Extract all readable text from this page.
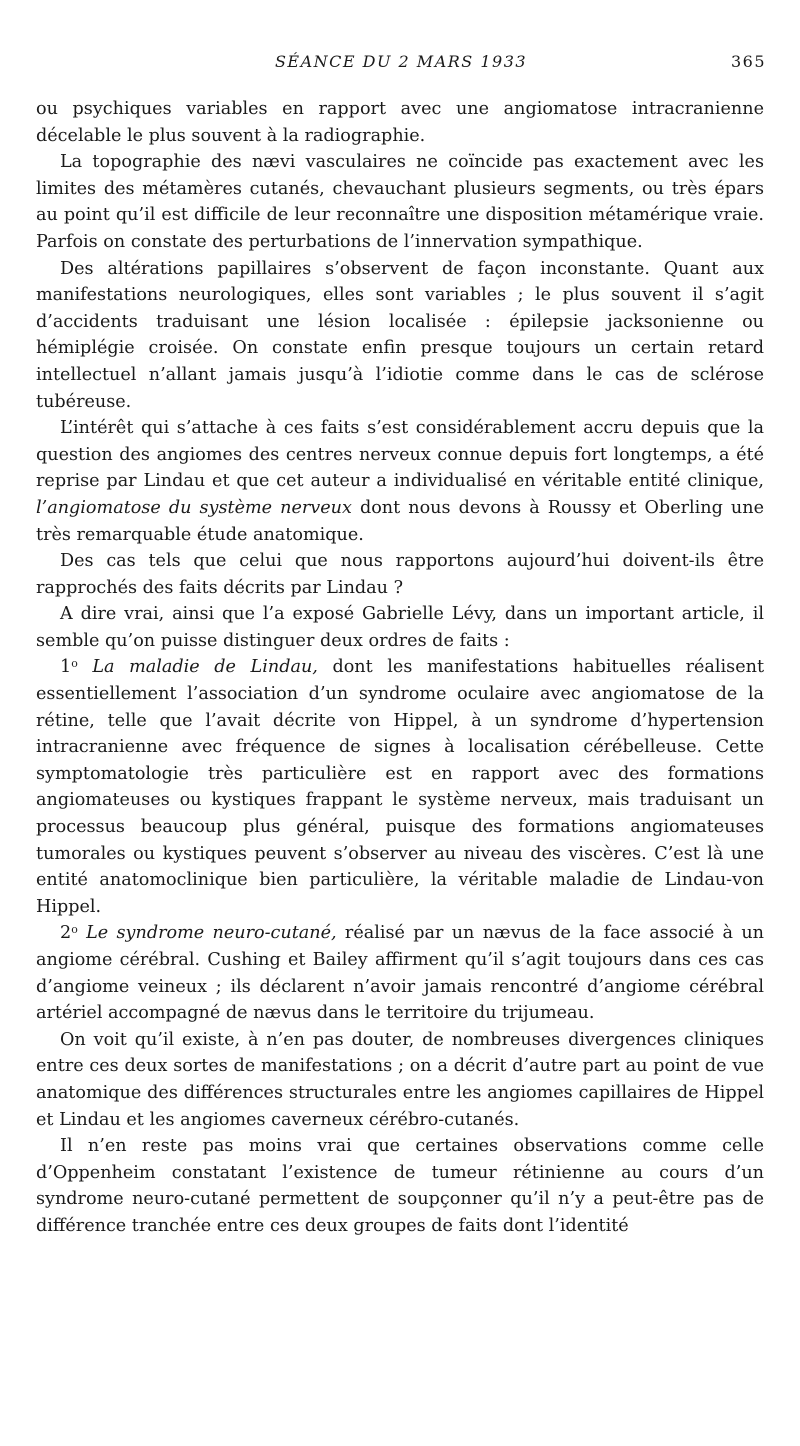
SÉANCE DU 2 MARS 1933	365

ou psychiques variables en rapport avec une angiomatose intracranienne décelable le plus souvent à la radiographie.

La topographie des nævi vasculaires ne coïncide pas exactement avec les limites des métamères cutanés, chevauchant plusieurs segments, ou très épars au point qu’il est difficile de leur reconnaître une disposition métamérique vraie. Parfois on constate des perturbations de l’innervation sympathique.

Des altérations papillaires s’observent de façon inconstante. Quant aux manifestations neurologiques, elles sont variables ; le plus souvent il s’agit d’accidents traduisant une lésion localisée : épilepsie jacksonienne ou hémiplégie croisée. On constate enfin presque toujours un certain retard intellectuel n’allant jamais jusqu’à l’idiotie comme dans le cas de sclérose tubéreuse.

L’intérêt qui s’attache à ces faits s’est considérablement accru depuis que la question des angiomes des centres nerveux connue depuis fort longtemps, a été reprise par Lindau et que cet auteur a individualisé en véritable entité clinique, l’angiomatose du système nerveux dont nous devons à Roussy et Oberling une très remarquable étude anatomique.

Des cas tels que celui que nous rapportons aujourd’hui doivent-ils être rapprochés des faits décrits par Lindau ?

A dire vrai, ainsi que l’a exposé Gabrielle Lévy, dans un important article, il semble qu’on puisse distinguer deux ordres de faits :

1$^o$ La maladie de Lindau, dont les manifestations habituelles réalisent essentiellement l’association d’un syndrome oculaire avec angiomatose de la rétine, telle que l’avait décrite von Hippel, à un syndrome d’hypertension intracranienne avec fréquence de signes à localisation cérébelleuse. Cette symptomatologie très particulière est en rapport avec des formations angiomateuses ou kystiques frappant le système nerveux, mais traduisant un processus beaucoup plus général, puisque des formations angiomateuses tumorales ou kystiques peuvent s’observer au niveau des viscères. C’est là une entité anatomoclinique bien particulière, la véritable maladie de Lindau-von Hippel.

2$^o$ Le syndrome neuro-cutané, réalisé par un nævus de la face associé à un angiome cérébral. Cushing et Bailey affirment qu’il s’agit toujours dans ces cas d’angiome veineux ; ils déclarent n’avoir jamais rencontré d’angiome cérébral artériel accompagné de nævus dans le territoire du trijumeau.

On voit qu’il existe, à n’en pas douter, de nombreuses divergences cliniques entre ces deux sortes de manifestations ; on a décrit d’autre part au point de vue anatomique des différences structurales entre les angiomes capillaires de Hippel et Lindau et les angiomes caverneux cérébro-cutanés.

Il n’en reste pas moins vrai que certaines observations comme celle d’Oppenheim constatant l’existence de tumeur rétinienne au cours d’un syndrome neuro-cutané permettent de soupçonner qu’il n’y a peut-être pas de différence tranchée entre ces deux groupes de faits dont l’identité
